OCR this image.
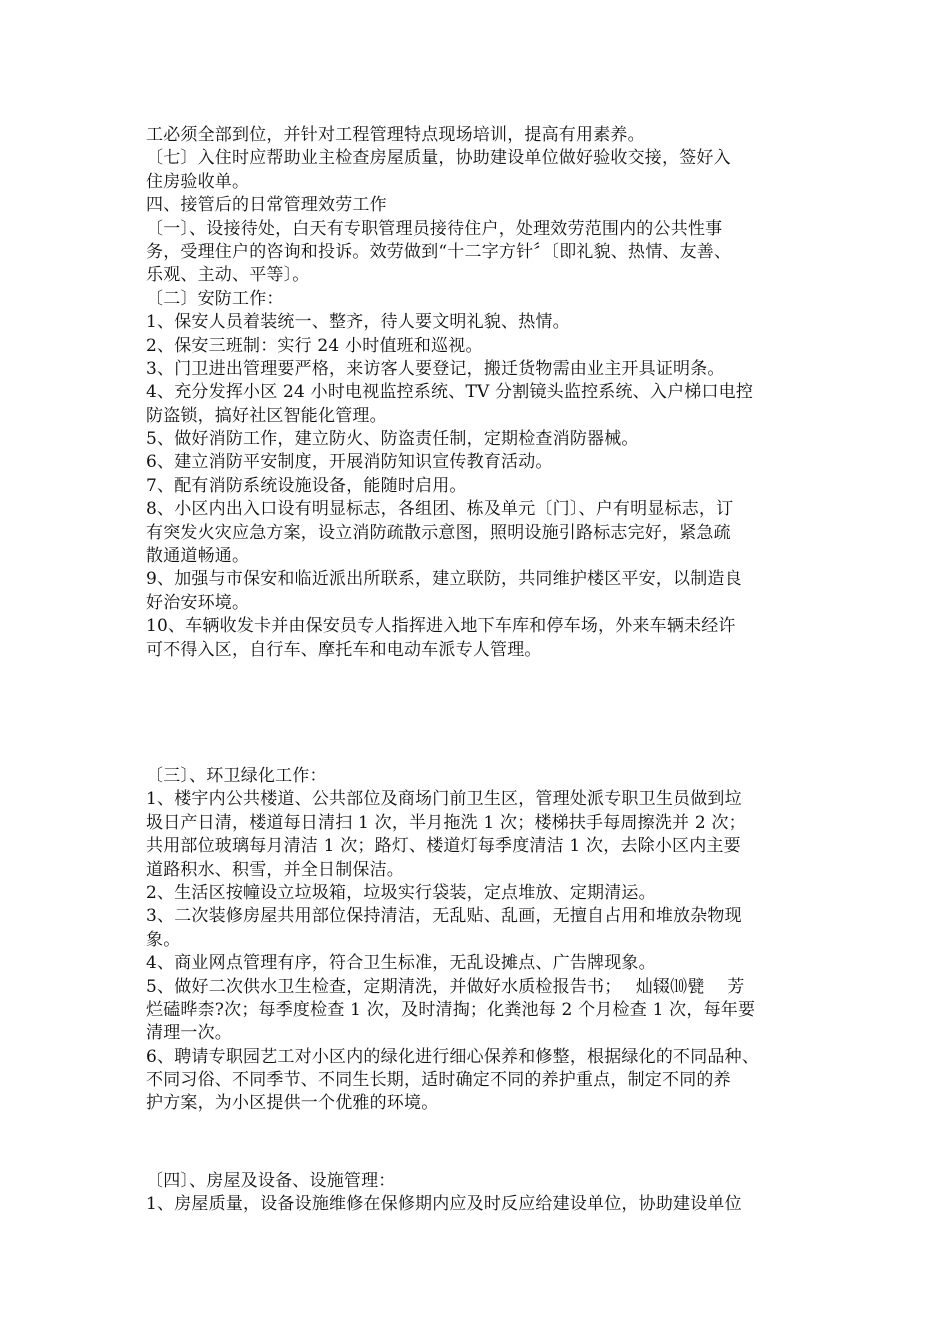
工必须全部到位，并针对工程管理特点现场培训，提高有用素养。
〔七〕入住时应帮助业主检查房屋质量，协助建设单位做好验收交接，签好入
住房验收单。
四、接管后的日常管理效劳工作
〔一〕、设接待处，白天有专职管理员接待住户，处理效劳范围内的公共性事
务，受理住户的咨询和投诉。效劳做到“十二字方针〞〔即礼貌、热情、友善、
乐观、主动、平等〕。
〔二〕安防工作：
1、保安人员着装统一、整齐，待人要文明礼貌、热情。
2、保安三班制：实行 24 小时值班和巡视。
3、门卫进出管理要严格，来访客人要登记，搬迁货物需由业主开具证明条。
4、充分发挥小区 24 小时电视监控系统、TV 分割镜头监控系统、入户梯口电控
防盗锁，搞好社区智能化管理。
5、做好消防工作，建立防火、防盗责任制，定期检查消防器械。
6、建立消防平安制度，开展消防知识宣传教育活动。
7、配有消防系统设施设备，能随时启用。
8、小区内出入口设有明显标志，各组团、栋及单元〔门〕、户有明显标志，订
有突发火灾应急方案，设立消防疏散示意图，照明设施引路标志完好，紧急疏
散通道畅通。
9、加强与市保安和临近派出所联系，建立联防，共同维护楼区平安，以制造良
好治安环境。
10、车辆收发卡并由保安员专人指挥进入地下车库和停车场，外来车辆未经许
可不得入区，自行车、摩托车和电动车派专人管理。
〔三〕、环卫绿化工作：
1、楼宇内公共楼道、公共部位及商场门前卫生区，管理处派专职卫生员做到垃
圾日产日清，楼道每日清扫 1 次，半月拖洗 1 次；楼梯扶手每周擦洗并 2 次；
共用部位玻璃每月清洁 1 次；路灯、楼道灯每季度清洁 1 次，去除小区内主要
道路积水、积雪，并全日制保洁。
2、生活区按幢设立垃圾箱，垃圾实行袋装，定点堆放、定期清运。
3、二次装修房屋共用部位保持清洁，无乱贴、乱画，无擅自占用和堆放杂物现
象。
4、商业网点管理有序，符合卫生标准，无乱设摊点、广告牌现象。
5、做好二次供水卫生检查，定期清洗，并做好水质检报告书；　 灿辍⑽甓　 芳
烂磕晔柰?次；每季度检查 1 次，及时清掏；化粪池每 2 个月检查 1 次，每年要
清理一次。
6、聘请专职园艺工对小区内的绿化进行细心保养和修整，根据绿化的不同品种、
不同习俗、不同季节、不同生长期，适时确定不同的养护重点，制定不同的养
护方案，为小区提供一个优雅的环境。
〔四〕、房屋及设备、设施管理：
1、房屋质量，设备设施维修在保修期内应及时反应给建设单位，协助建设单位
